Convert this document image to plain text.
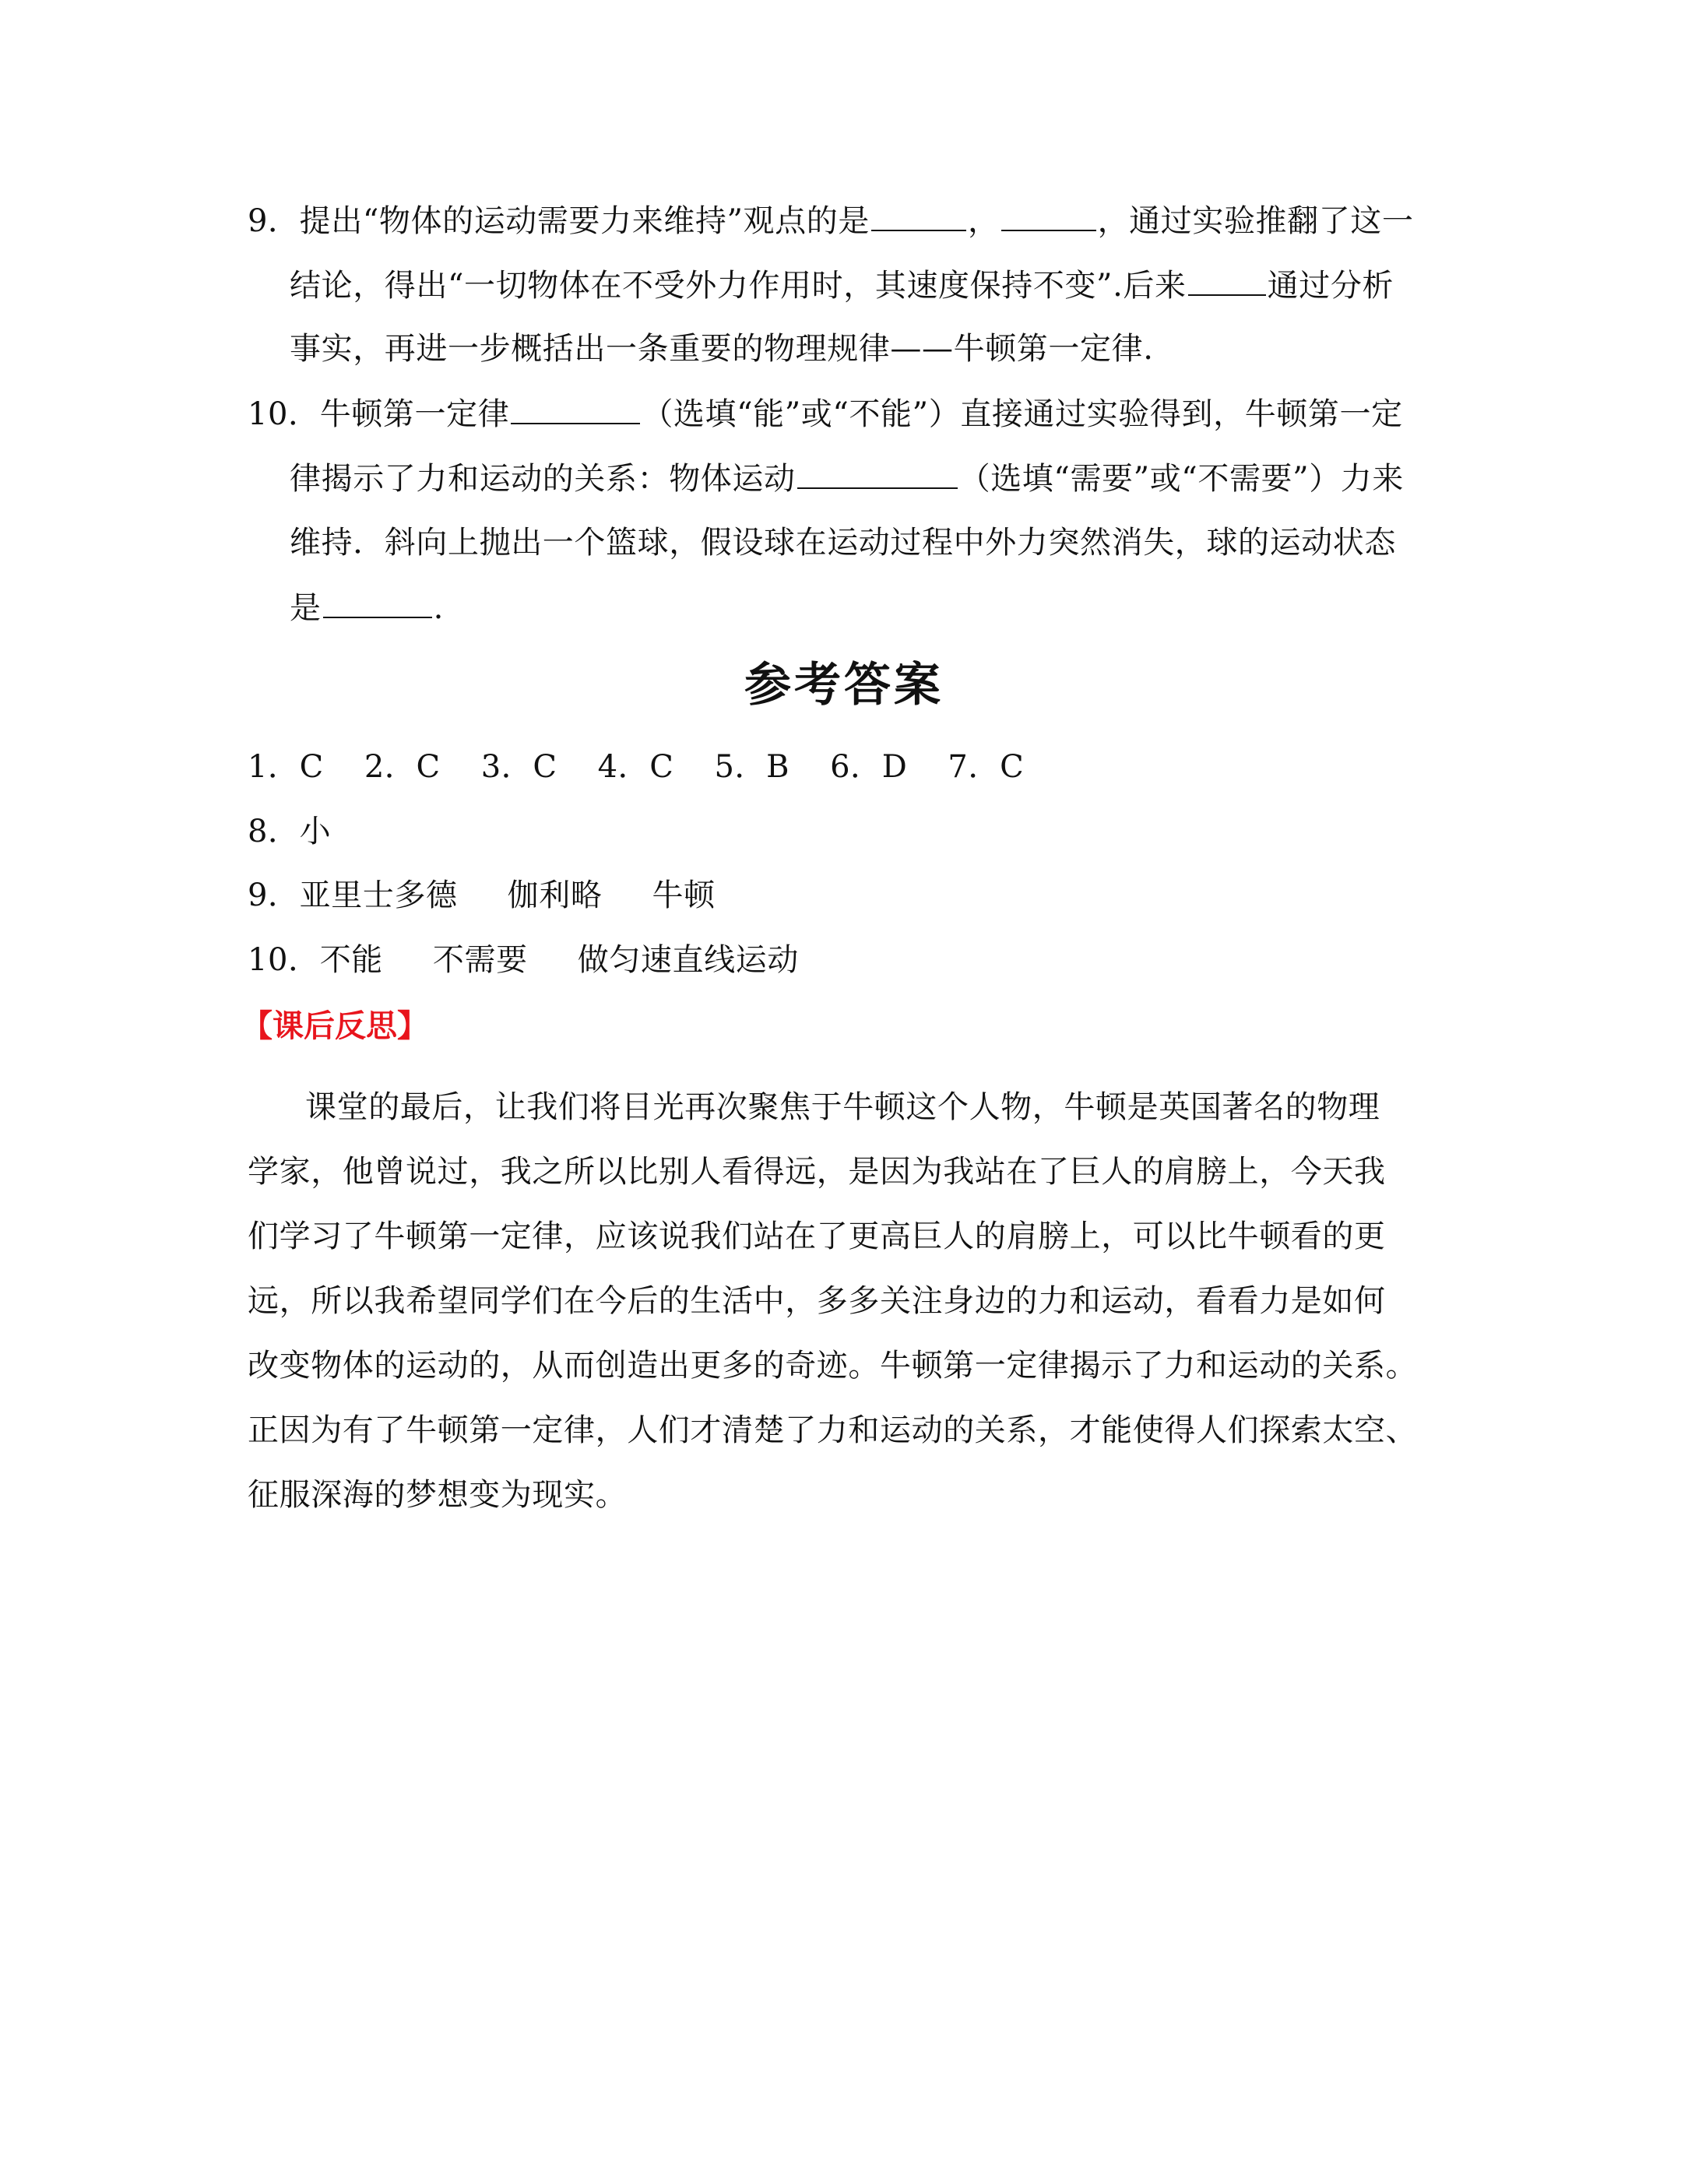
9．提出“物体的运动需要力来维持”观点的是	，	，通过实验推翻了这一
结论，得出“一切物体在不受外力作用时，其速度保持不变”.后来	通过分析
事实，再进一步概括出一条重要的物理规律——牛顿第一定律.
10．牛顿第一定律	（选填“能”或“不能”）直接通过实验得到，牛顿第一定
律揭示了力和运动的关系：物体运动	（选填“需要”或“不需要”）力来
维持．斜向上抛出一个篮球，假设球在运动过程中外力突然消失，球的运动状态
是	.
参考答案
1．C 2．C 3．C 4．C 5．B 6．D 7．C
8．小
9．亚里士多德 伽利略 牛顿
10．不能 不需要 做匀速直线运动
【课后反思】
课堂的最后，让我们将目光再次聚焦于牛顿这个人物，牛顿是英国著名的物理
学家，他曾说过，我之所以比别人看得远，是因为我站在了巨人的肩膀上，今天我
们学习了牛顿第一定律，应该说我们站在了更高巨人的肩膀上，可以比牛顿看的更
远，所以我希望同学们在今后的生活中，多多关注身边的力和运动，看看力是如何
改变物体的运动的，从而创造出更多的奇迹。牛顿第一定律揭示了力和运动的关系。
正因为有了牛顿第一定律，人们才清楚了力和运动的关系，才能使得人们探索太空、
征服深海的梦想变为现实。
